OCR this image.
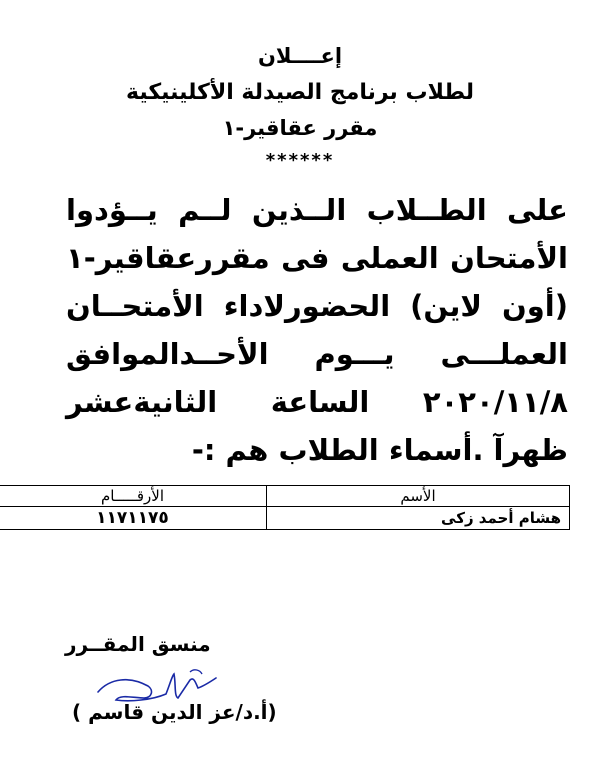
إعــــلان
لطلاب برنامج الصيدلة الأكلينيكية
مقرر عقاقير-١
******
على الطــلاب الــذين لــم يــؤدوا
الأمتحان العملى فى مقررعقاقير-١
(أون لاين) الحضورلاداء الأمتحــان
العملـــى يـــوم الأحــدالموافق
٢٠٢٠/١١/٨ الساعة الثانيةعشر
ظهرآ .أسماء الطلاب هم :-
الأسم	الأرقـــــام
هشام أحمد زكى	١١٧١١٧٥
منسق المقــرر
(أ.د/عز الدين قاسم )
